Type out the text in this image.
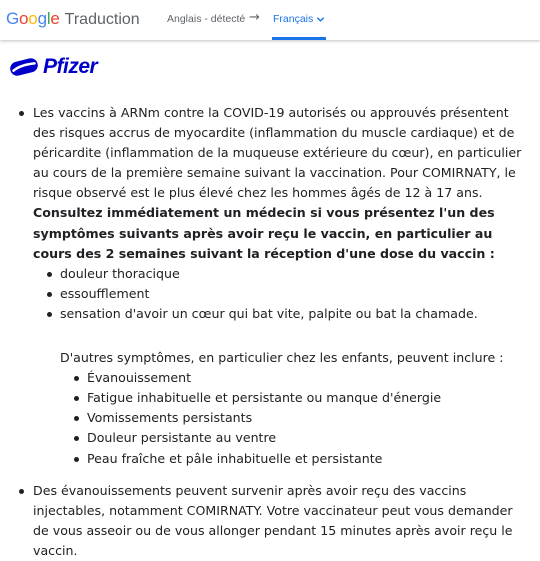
Google Traduction	Anglais - détecté → Français
Pfizer
Les vaccins à ARNm contre la COVID-19 autorisés ou approuvés présentent des risques accrus de myocardite (inflammation du muscle cardiaque) et de péricardite (inflammation de la muqueuse extérieure du cœur), en particulier au cours de la première semaine suivant la vaccination. Pour COMIRNATY, le risque observé est le plus élevé chez les hommes âgés de 12 à 17 ans. Consultez immédiatement un médecin si vous présentez l'un des symptômes suivants après avoir reçu le vaccin, en particulier au cours des 2 semaines suivant la réception d'une dose du vaccin :
douleur thoracique
essoufflement
sensation d'avoir un cœur qui bat vite, palpite ou bat la chamade.
D'autres symptômes, en particulier chez les enfants, peuvent inclure :
Évanouissement
Fatigue inhabituelle et persistante ou manque d'énergie
Vomissements persistants
Douleur persistante au ventre
Peau fraîche et pâle inhabituelle et persistante
Des évanouissements peuvent survenir après avoir reçu des vaccins injectables, notamment COMIRNATY. Votre vaccinateur peut vous demander de vous asseoir ou de vous allonger pendant 15 minutes après avoir reçu le vaccin.
